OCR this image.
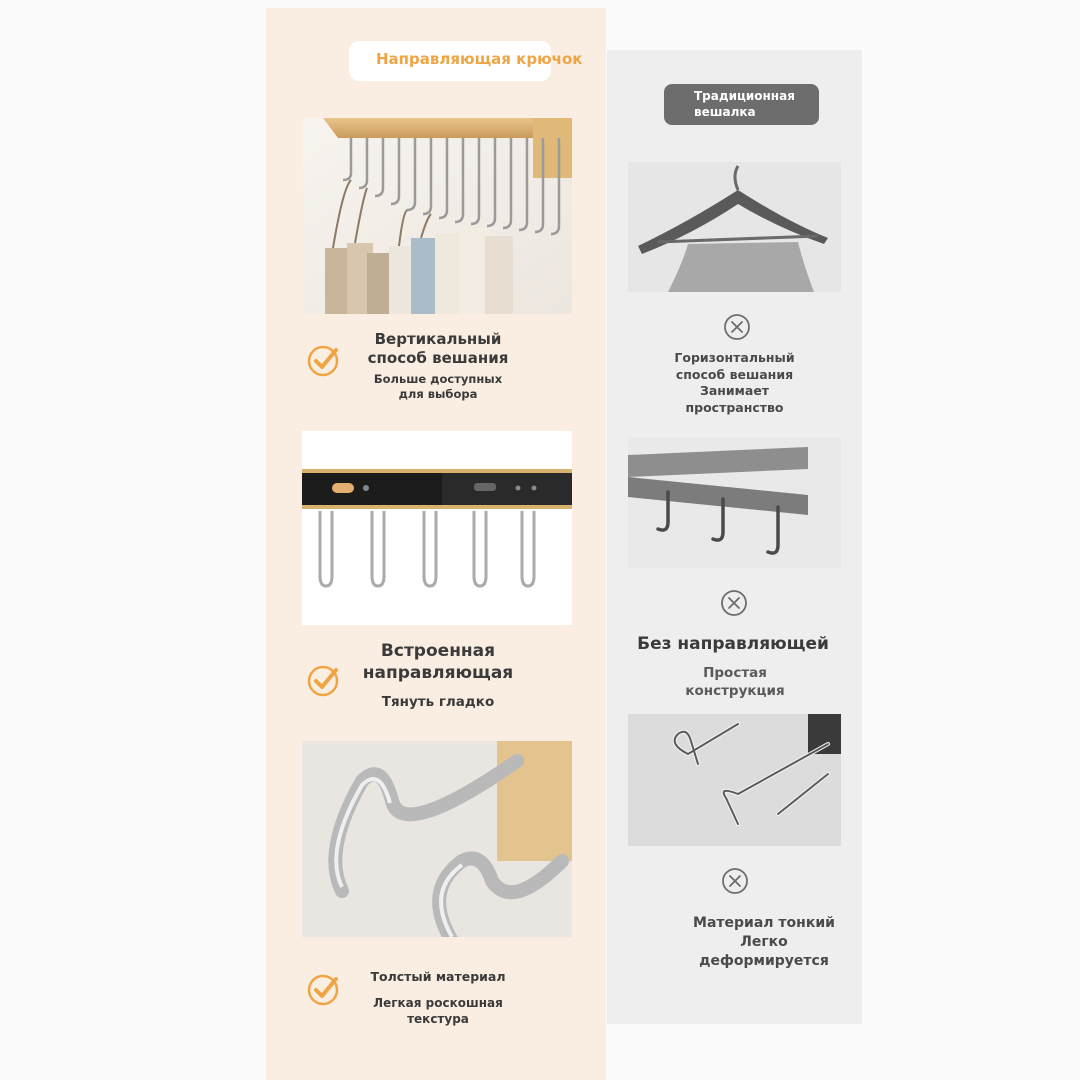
Направляющая крючок
Традиционная
вешалка
Вертикальный
способ вешания
Больше доступных
для выбора
Встроенная
направляющая
Тянуть гладко
Толстый материал
Легкая роскошная
текстура
Горизонтальный
способ вешания
Занимает
пространство
Без направляющей
Простая
конструкция
Материал тонкий
Легко
деформируется
